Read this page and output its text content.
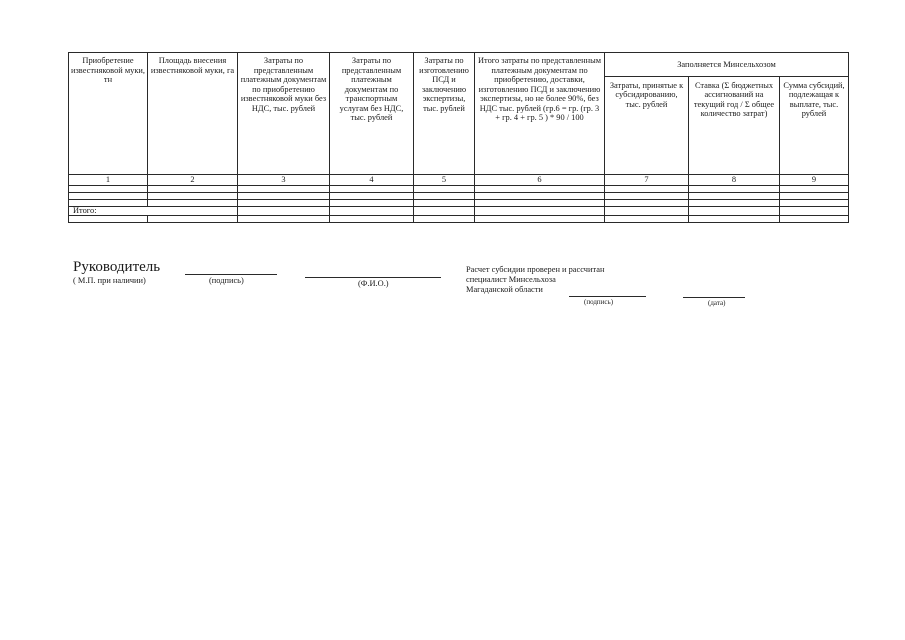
Приобретение известняковой муки, тн	Площадь внесения известняковой муки, га	Затраты по представленным платежным документам по приобретению известняковой муки без НДС, тыс. рублей	Затраты по представленным платежным документам по транспортным услугам без НДС, тыс. рублей	Затраты по изготовлению ПСД и заключению экспертизы, тыс. рублей	Итого затраты по представленным платежным документам по приобретению, доставки, изготовлению ПСД и заключению экспертизы, но не более 90%, без НДС тыс. рублей (гр.6 = гр. (гр. 3 + гр. 4 + гр. 5 ) * 90 / 100	Заполняется Минсельхозом		
						Затраты, принятые к субсидированию, тыс. рублей	Ставка (Σ бюджетных ассигнований на текущий год / Σ общее количество затрат)	Сумма субсидий, подлежащая к выплате, тыс. рублей
1	2	3	4	5	6	7	8	9

Итого:								

Руководитель
( М.П. при наличии)	(подпись)	(Ф.И.О.)
Расчет субсидии проверен и рассчитан
специалист Минсельхоза
Магаданской области
(подпись)	(дата)
